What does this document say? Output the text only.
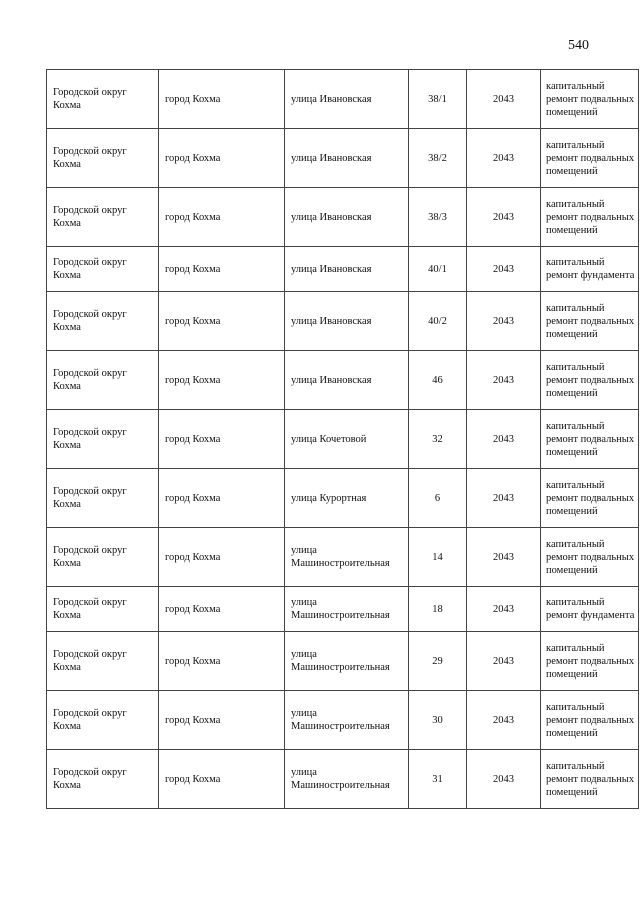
540
Городской округ Кохма	город Кохма	улица Ивановская	38/1	2043	капитальный ремонт подвальных помещений
Городской округ Кохма	город Кохма	улица Ивановская	38/2	2043	капитальный ремонт подвальных помещений
Городской округ Кохма	город Кохма	улица Ивановская	38/3	2043	капитальный ремонт подвальных помещений
Городской округ Кохма	город Кохма	улица Ивановская	40/1	2043	капитальный ремонт фундамента
Городской округ Кохма	город Кохма	улица Ивановская	40/2	2043	капитальный ремонт подвальных помещений
Городской округ Кохма	город Кохма	улица Ивановская	46	2043	капитальный ремонт подвальных помещений
Городской округ Кохма	город Кохма	улица Кочетовой	32	2043	капитальный ремонт подвальных помещений
Городской округ Кохма	город Кохма	улица Курортная	6	2043	капитальный ремонт подвальных помещений
Городской округ Кохма	город Кохма	улица Машиностроительная	14	2043	капитальный ремонт подвальных помещений
Городской округ Кохма	город Кохма	улица Машиностроительная	18	2043	капитальный ремонт фундамента
Городской округ Кохма	город Кохма	улица Машиностроительная	29	2043	капитальный ремонт подвальных помещений
Городской округ Кохма	город Кохма	улица Машиностроительная	30	2043	капитальный ремонт подвальных помещений
Городской округ Кохма	город Кохма	улица Машиностроительная	31	2043	капитальный ремонт подвальных помещений
